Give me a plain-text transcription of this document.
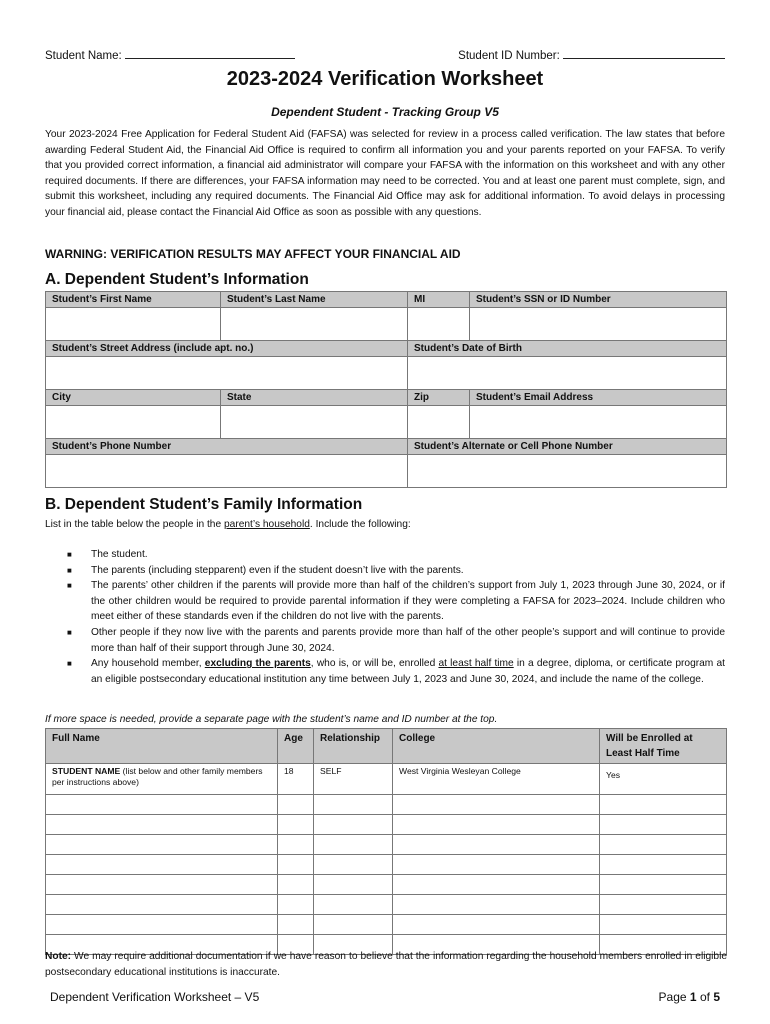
Student Name:	Student ID Number:
2023-2024 Verification Worksheet
Dependent Student - Tracking Group V5
Your 2023-2024 Free Application for Federal Student Aid (FAFSA) was selected for review in a process called verification. The law states that before awarding Federal Student Aid, the Financial Aid Office is required to confirm all information you and your parents reported on your FAFSA. To verify that you provided correct information, a financial aid administrator will compare your FAFSA with the information on this worksheet and with any other required documents. If there are differences, your FAFSA information may need to be corrected. You and at least one parent must complete, sign, and submit this worksheet, including any required documents. The Financial Aid Office may ask for additional information. To avoid delays in processing your financial aid, please contact the Financial Aid Office as soon as possible with any questions.
WARNING: VERIFICATION RESULTS MAY AFFECT YOUR FINANCIAL AID
A. Dependent Student’s Information
Student’s First Name	Student’s Last Name	MI	Student’s SSN or ID Number

Student’s Street Address (include apt. no.)		Student’s Date of Birth	

City	State	Zip	Student’s Email Address

Student’s Phone Number		Student’s Alternate or Cell Phone Number	

B. Dependent Student’s Family Information
List in the table below the people in the parent’s household. Include the following:
■ The student.
■ The parents (including stepparent) even if the student doesn’t live with the parents.
■ The parents’ other children if the parents will provide more than half of the children’s support from July 1, 2023 through June 30, 2024, or if the other children would be required to provide parental information if they were completing a FAFSA for 2023–2024. Include children who meet either of these standards even if the children do not live with the parents.
■ Other people if they now live with the parents and parents provide more than half of the other people’s support and will continue to provide more than half of their support through June 30, 2024.
■ Any household member, excluding the parents, who is, or will be, enrolled at least half time in a degree, diploma, or certificate program at an eligible postsecondary educational institution any time between July 1, 2023 and June 30, 2024, and include the name of the college.
If more space is needed, provide a separate page with the student’s name and ID number at the top.
Full Name	Age	Relationship	College	Will be Enrolled at Least Half Time
STUDENT NAME (list below and other family members per instructions above)	18	SELF	West Virginia Wesleyan College	Yes

Note: We may require additional documentation if we have reason to believe that the information regarding the household members enrolled in eligible postsecondary educational institutions is inaccurate.
Dependent Verification Worksheet – V5	Page 1 of 5
